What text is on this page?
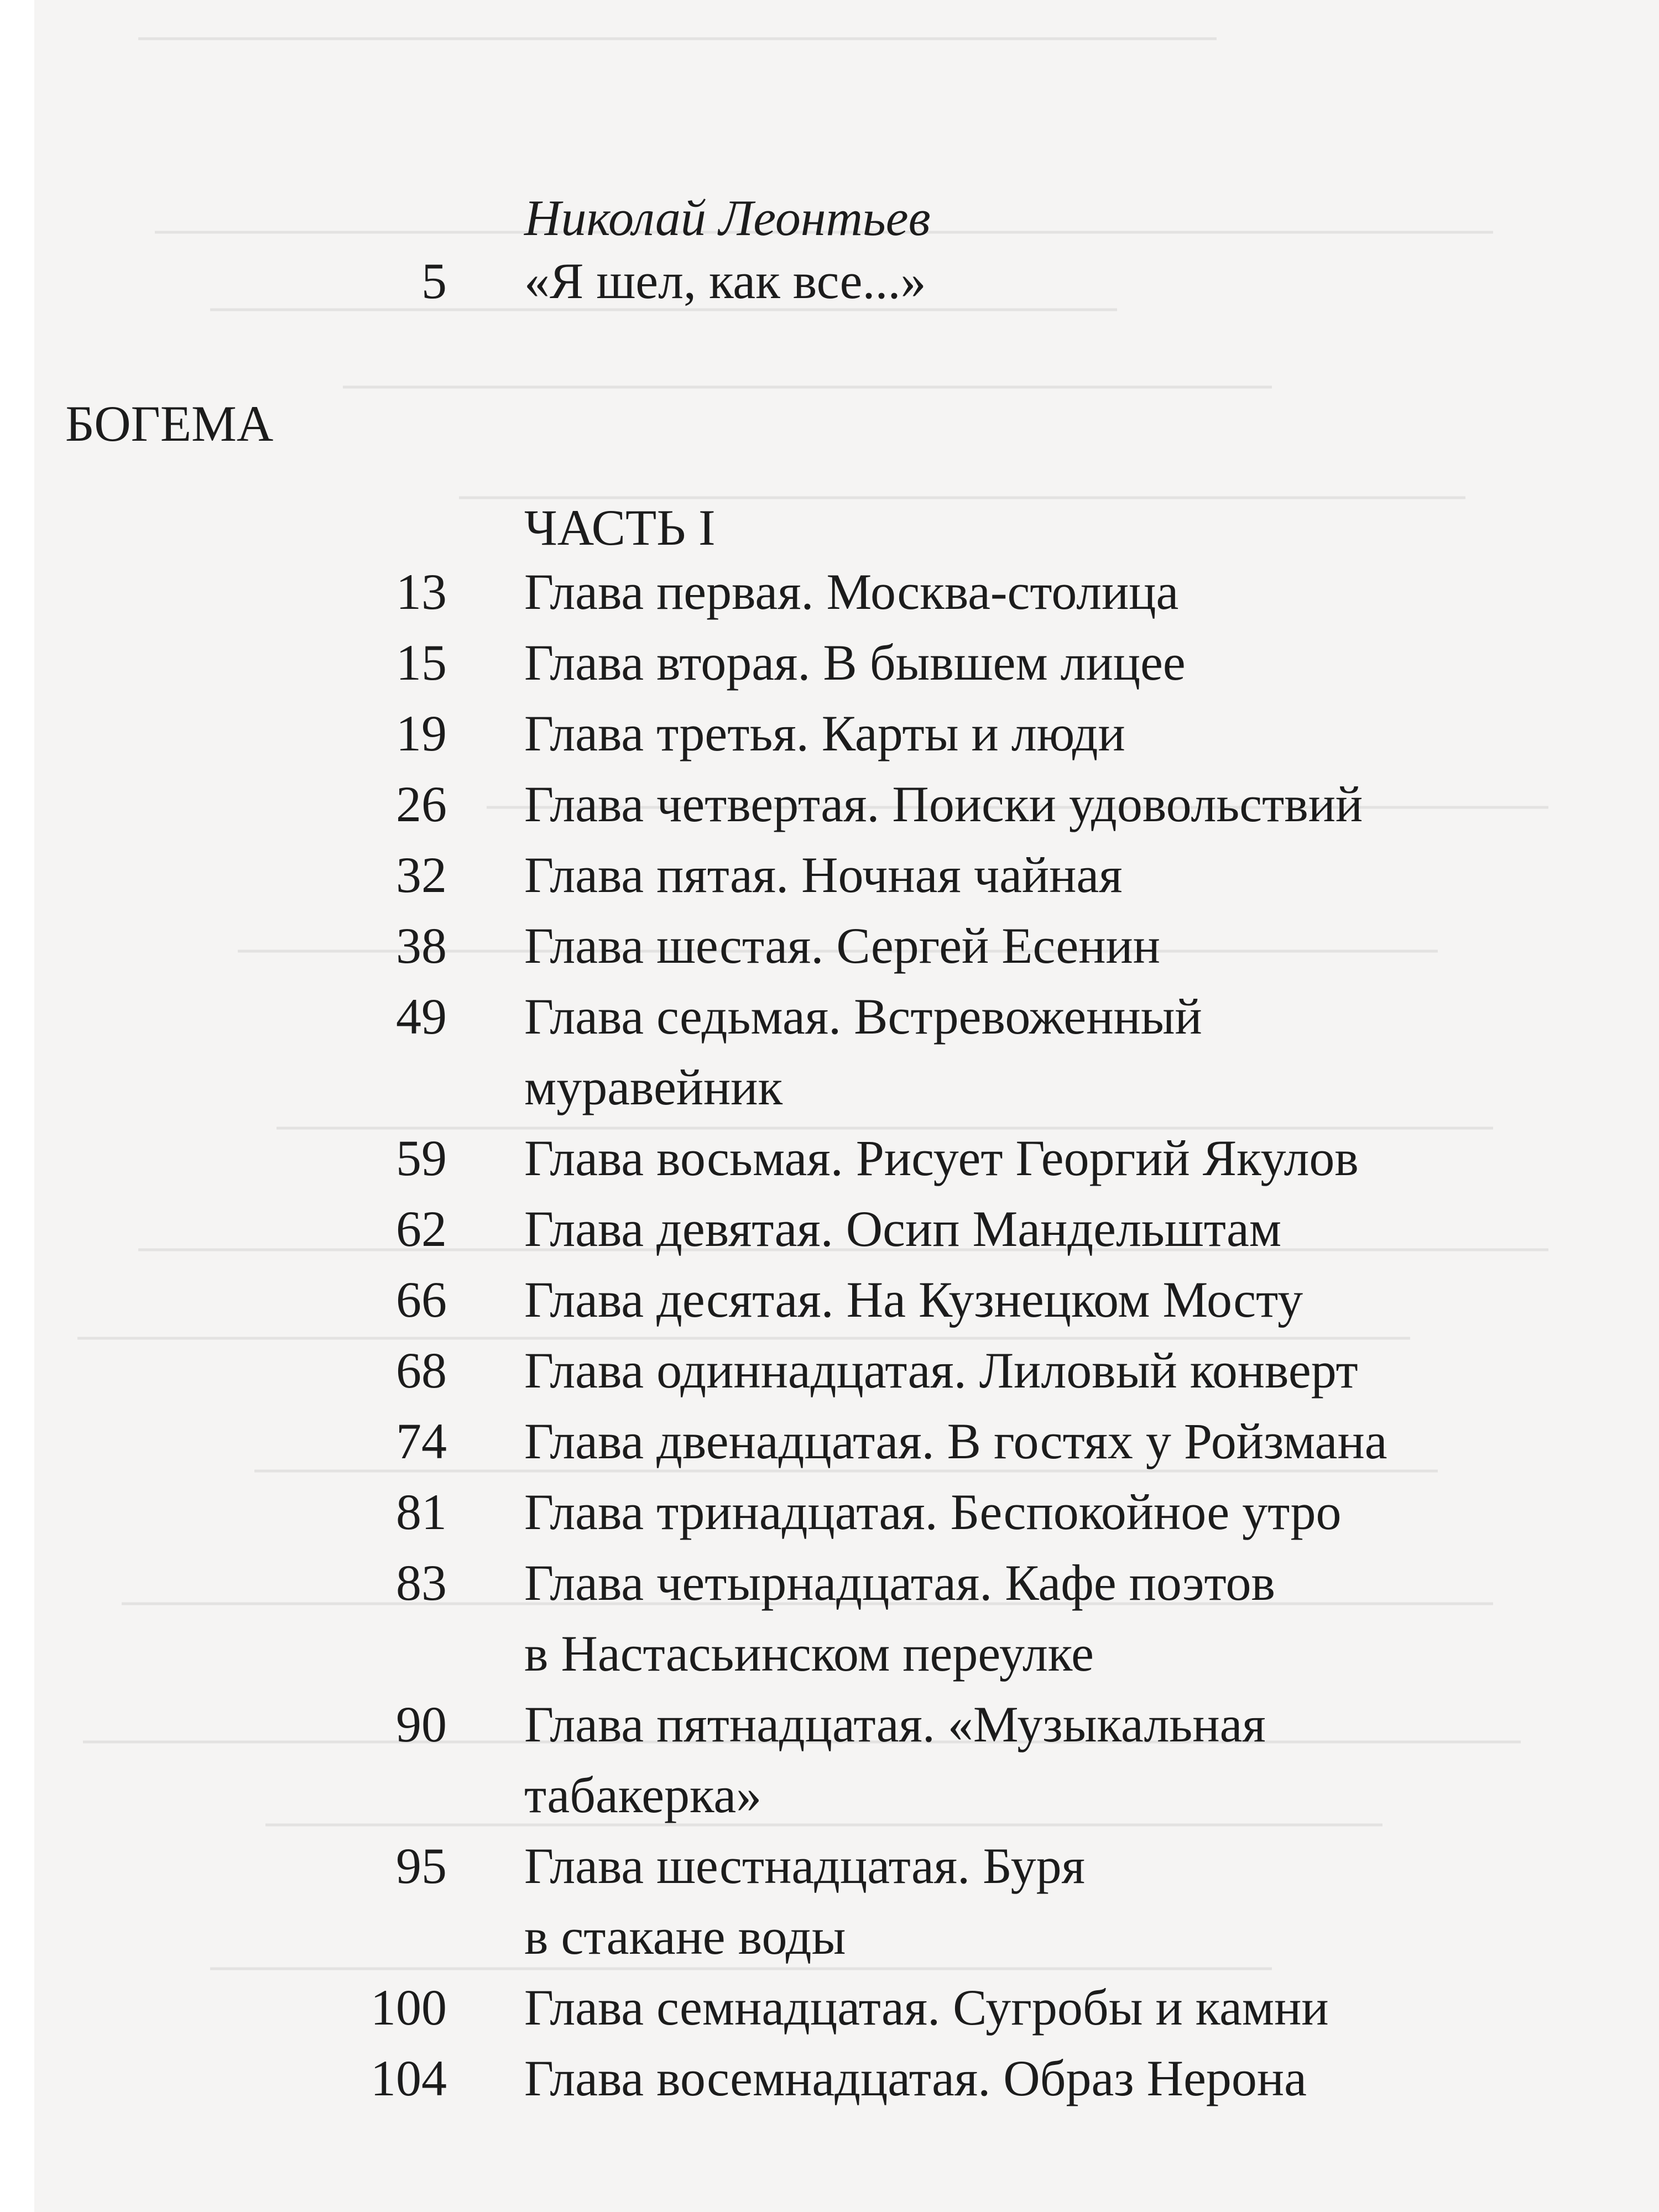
Николай Леонтьев
5 «Я шел, как все...»
БОГЕМА
ЧАСТЬ I
13 Глава первая. Москва-столица
15 Глава вторая. В бывшем лицее
19 Глава третья. Карты и люди
26 Глава четвертая. Поиски удовольствий
32 Глава пятая. Ночная чайная
38 Глава шестая. Сергей Есенин
49 Глава седьмая. Встревоженный
муравейник
59 Глава восьмая. Рисует Георгий Якулов
62 Глава девятая. Осип Мандельштам
66 Глава десятая. На Кузнецком Мосту
68 Глава одиннадцатая. Лиловый конверт
74 Глава двенадцатая. В гостях у Ройзмана
81 Глава тринадцатая. Беспокойное утро
83 Глава четырнадцатая. Кафе поэтов
в Настасьинском переулке
90 Глава пятнадцатая. «Музыкальная
табакерка»
95 Глава шестнадцатая. Буря
в стакане воды
100 Глава семнадцатая. Сугробы и камни
104 Глава восемнадцатая. Образ Нерона
